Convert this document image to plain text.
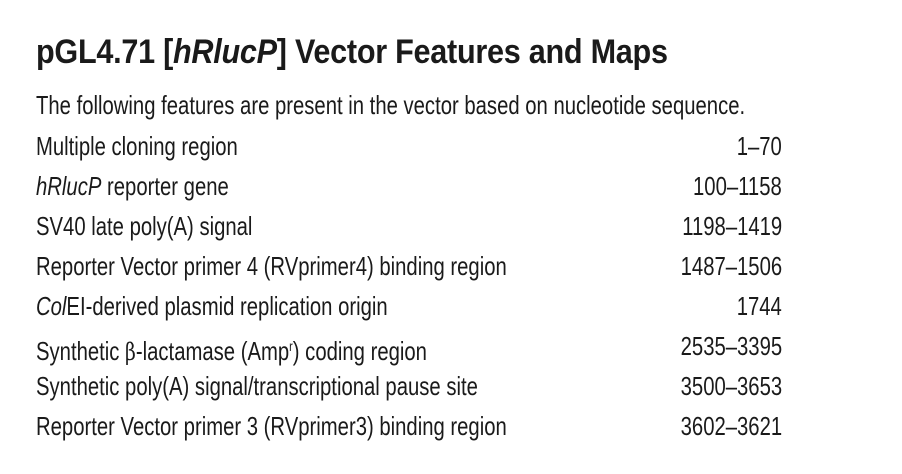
pGL4.71 [hRlucP] Vector Features and Maps

The following features are present in the vector based on nucleotide sequence.

Multiple cloning region	1–70
hRlucP reporter gene	100–1158
SV40 late poly(A) signal	1198–1419
Reporter Vector primer 4 (RVprimer4) binding region	1487–1506
ColEI-derived plasmid replication origin	1744
Synthetic β-lactamase (Amp$^r$) coding region	2535–3395
Synthetic poly(A) signal/transcriptional pause site	3500–3653
Reporter Vector primer 3 (RVprimer3) binding region	3602–3621
